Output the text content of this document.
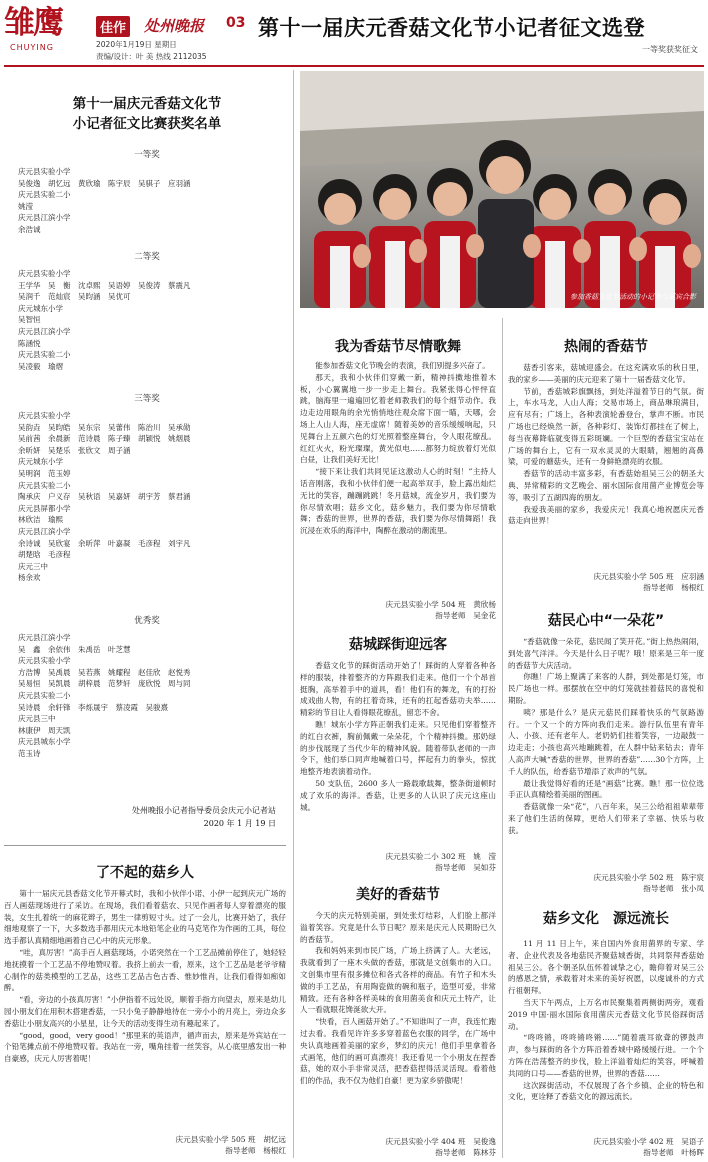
雏鹰
CHUYING
佳作 处州晚报 03
2020年1月19日 星期日
责编/设计：叶 美 热线 2112035
第十一届庆元香菇文化节小记者征文选登
一等奖获奖征文
第十一届庆元香菇文化节
小记者征文比赛获奖名单
一等奖
庆元县实验小学
吴俊逸　胡忆远　黄欣瑜　陈宇辰　吴骐子　应羽涵
庆元县实验二小
姚滢
庆元县江滨小学
余浩诚
二等奖
庆元县实验小学
王学华　吴　衡　沈卓熙　吴语婷　吴俊涛　蔡震凡
吴润千　范灿宸　吴昀涵　吴优可
庆元城东小学
吴智恒
庆元县江滨小学
陈涵悦
庆元县实验二小
吴凌毅　瑜熠
三等奖
庆元县实验小学
吴韵垚　吴昀皓　吴东宗　吴蕾伟　陈治川　吴承勋
吴前茜　余晨新　范诗晨　陈子臻　胡颖悦　姚烟晨
余昕妍　吴楚乐　张欣文　周子涵
庆元城东小学
吴明润　范玉婷
庆元县实验二小
陶承庆　户义存　吴秋语　吴嘉妍　胡宇芳　蔡君涵
庆元县屏都小学
林欣洁　瑜熙
庆元县江滨小学
余诗诚　吴欣宴　余昕萍　叶嘉凝　毛彦程　刘宇凡
胡楚晗　毛彦程
庆元三中
杨余欢
优秀奖
庆元县江滨小学
吴　鑫　余依伟　朱禹岳　叶芝慧
庆元县实验小学
方浩博　吴禹晨　吴若燕　姚耀程　赵佳欣　赵悦秀
吴易恒　吴凯晨　胡梓晨　范梦轩　庞欣悦　周与同
庆元县实验二小
吴诗晨　余轩锋　李烁晟宇　蔡凌霞　吴骏熹
庆元县三中
林康伊　周天凯
庆元县城东小学
范玉诗
处州晚报小记者指导委员会庆元小记者站
2020 年 1 月 19 日
了不起的菇乡人
第十一届庆元县香菇文化节开幕式时，我和小伙伴小诺、小伊一起到庆元广场的百人画菇现场进行了采访。在现场，我们看着菇农、只见作画者每人穿着漂亮的服装，女生扎着统一的麻花辫子，男生一律剪短寸头。过了一会儿，比赛开始了，我仔细地观察了一下，大多数选手都用庆元本地铅笔企业的马克笔作为作画的工具，每位选手都认真精细地画着自己心中的庆元形象。
“哇，真厉害！”高手百人画菇现场，小诺突然在一个工艺品摊前停住了，她轻轻地抚摸着一个工艺品不停地赞叹着。我挤上前去一看，原来，这个工艺品是老爷爷精心制作的菇类模型的工艺品，这些工艺品古色古香、惟妙惟肖，让我们看得如痴如醉。
“看，旁边的小孩真厉害！”小伊指着不远处说，顺着手指方向望去，原来是幼儿园小朋友们在用积木搭建香菇，一只小兔子静静地待在一旁小小的月亮上，旁边众多香菇让小朋友高兴的小星星，让今天的活动变得生动有趣起来了。
“good，good，very good！”那里来的英语声，循声而去，原来是外宾站在一个铅笔摊点前不停地赞叹着。我站在一旁，嘴角挂着一丝笑容，从心底里感发出一种自豪感，庆元人厉害着呢！
庆元县实验小学 505 班　胡忆远
指导老师　杨根红
参加香菇文化节活动的小记者与嘉宾合影
我为香菇节尽情歌舞
能参加香菇文化节晚会的表演，我们别提多兴奋了。
那天，我和小伙伴们穿戴一新，精神抖擞地推着木板，小心翼翼地一步一步走上舞台。我紧张得心怦怦直跳，脑海里一遍遍回忆着老师教我们的每个细节动作。我边走边用眼角的余光悄悄地往观众席下面一瞄，天哪，会场上人山人海，座无虚席！随着美妙的音乐缓缓响起，只见舞台上五颜六色的灯光照着整座舞台，令人眼花缭乱。红红火火，粉光璨璨，黄光似电……都努力绽放着灯光似白昼，让我们美好无比！
“接下来让我们共同见证这激动人心的时刻！”主持人话音刚落，我和小伙伴们便一起高举双手，脸上露出灿烂无比的笑容，蹦蹦跳跳！冬月菇城，流金岁月，我们要为你尽情欢唱；菇乡文化，菇乡魅力，我们要为你尽情歌舞；香菇的世界，世界的香菇，我们要为你尽情舞蹈！我沉浸在欢乐的海洋中，陶醉在激动的潮流里。
庆元县实验小学 504 班　黄欣杨
指导老师　吴金花
菇城踩街迎远客
香菇文化节的踩街活动开始了！踩街的人穿着各种各样的服装，排着整齐的方阵跟我们走来。他们一个个昂首挺胸，高举着手中的道具，看！他们有的舞龙，有的打扮成戏曲人物，有的扛着奇珠，还有的扛起香菇功夫举……精彩的节目让人看得眼花缭乱，留恋不舍。
瞧！城东小学方阵正朝我们走来。只见他们穿着整齐的红白衣裤，胸前佩戴一朵朵花，个个精神抖擞。那奶绿的步伐展现了当代少年的精神风貌。随着带队老师的一声令下，他们举口同声地喊着口号，挥起有力的拳头，惊扰地整齐地表演着动作。
50 支队伍，2600 多人一路载歌载舞，整条街道顿时成了欢乐的海洋。香菇，让更多的人认识了庆元这座山城。
庆元县实验二小 302 班　姚　滢
指导老师　吴如芬
美好的香菇节
今天的庆元特别美丽，到处张灯结彩，人们脸上都洋溢着笑容。究竟是什么节日呢？原来是庆元人民期盼已久的香菇节。
我和妈妈来到市民广场，广场上挤满了人。大老远，我就看到了一座木头做的香菇，那就是文创集市的入口。文创集市里有很多摊位和各式各样的商品。有竹子和木头做的手工艺品，有用陶瓷做的碗和瓶子，造型可爱，非常精致。还有各种各样美味的食用菌美食和庆元土特产，让人一看就眼花馋涎欲大开。
“快看，百人画菇开始了。”不知谁叫了一声，我连忙跑过去看。我看见许许多多穿着蓝色衣服的同学，在广场中央认真地画着美丽的家乡，梦幻的庆元！他们手里拿着各式画笔，他们的画可真漂亮！我还看见一个小朋友在捏香菇，她的双小手非常灵活，把香菇捏得活灵活现。看着他们的作品，我不仅为他们自豪！更为家乡骄傲呢！
庆元县实验小学 404 班　吴俊逸
指导老师　陈林芬
热闹的香菇节
菇香引客来，菇城迎盛会。在这充满欢乐的秋日里，我的家乡——美丽的庆元迎来了第十一届香菇文化节。
节前，香菇城彩旗飘扬，到处洋溢着节日的气氛。街上，车水马龙，人山人海；交易市场上，商品琳琅满目，应有尽有；广场上，各种表演轮番登台，掌声不断。市民广场也已经焕然一新，各种彩灯、装饰灯都挂在了树上，每当夜幕降临就变得五彩斑斓。一个巨型的香菇宝宝站在广场的舞台上，它有一双水灵灵的大眼睛，翘翘的高鼻梁，可爱的蘑菇头，还有一身鲜艳漂亮的衣服。
香菇节的活动丰富多彩，有香菇始祖吴三公的朝圣大典、异常精彩的文艺晚会、丽水国际食用菌产业博览会等等，吸引了五湖四海的朋友。
我爱我美丽的家乡，我爱庆元！我真心地祝愿庆元香菇走向世界！
庆元县实验小学 505 班　应羽涵
指导老师　杨根红
菇民心中“一朵花”
“香菇就像一朵花，菇民闻了笑开花。”街上热热闹闹，到处喜气洋洋。今天是什么日子呢？哦！原来是三年一度的香菇节大庆活动。
你瞧！广场上聚满了来客的人群，到处都是灯笼，市民广场也一样。那摆放在空中的灯笼就挂着菇民的喜悦和期盼。
咦？那是什么？是庆元菇民们踩着快乐的气氛路游行。一个又一个的方阵向我们走来。游行队伍里有青年人、小孩、还有老年人。老奶奶们挂着笑容，一边敲鼓一边走走；小孩也高兴地蹦跳着，在人群中钻来钻去；青年人高声大喊“香菇的世界，世界的香菇”……30个方阵，上千人的队伍，给香菇节增添了欢声的气氛。
最让我觉得好看的还是“画菇”比赛。瞧！那一位位选手正认真精绘着美丽的图画。
香菇就像一朵“花”，八百年来，吴三公给祖祖辈辈带来了他们生活的保障，更给人们带来了幸福、快乐与收获。
庆元县实验小学 502 班　陈宇宸
指导老师　张小凤
菇乡文化　源远流长
11 月 11 日上午，来自国内外食用菌界的专家、学者、企业代表及各地菇民齐聚菇城香街，共同祭拜香菇始祖吴三公。各个朝圣队伍怀着诚挚之心，瞻仰着对吴三公的感恩之情，承载着对未来的美好祝愿，以虔诚朴的方式行祖朝拜。
当天下午两点，上万名市民聚集着两侧街两旁，观看 2019 中国·丽水国际食用菌庆元香菇文化节民俗踩街活动。
“咚咚锵，咚咚锵咚锵……”随着震耳欲聋的锣鼓声声，参与踩街的各个方阵沿着香城中路缓缓行进。一个个方阵在浩荡整齐的步伐，脸上洋溢着灿烂的笑容，呼喊着共同的口号——香菇的世界，世界的香菇……
这次踩街活动，不仅展现了各个乡镇、企业的特色和文化，更诠释了香菇文化的源远流长。
庆元县实验小学 402 班　吴语子
指导老师　叶杨晖
